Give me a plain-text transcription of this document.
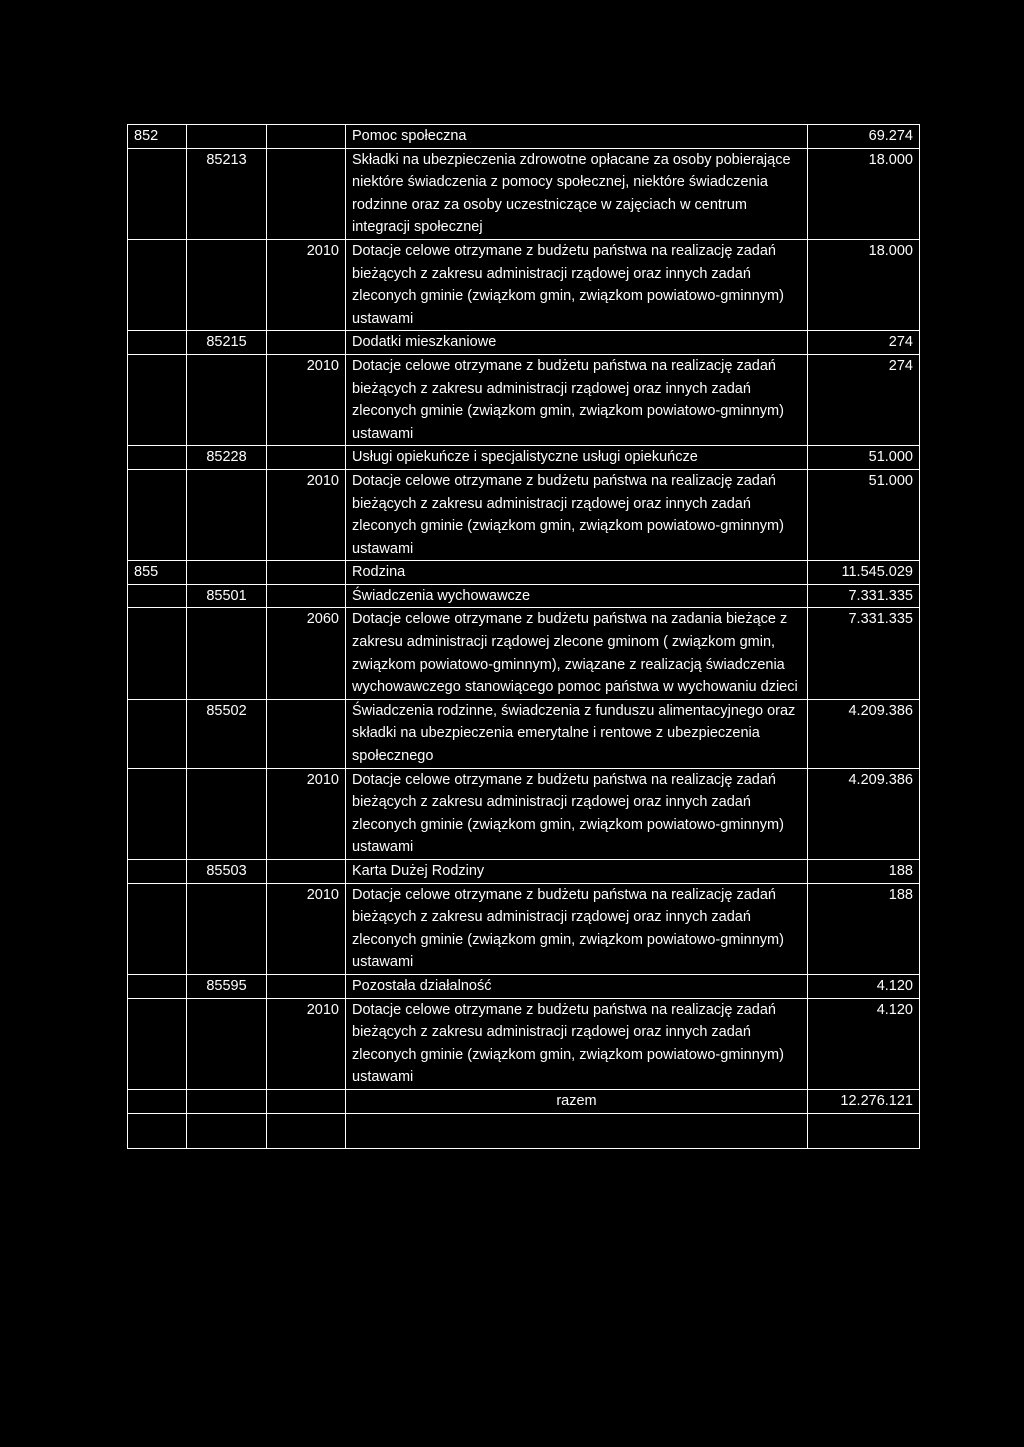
852			Pomoc społeczna	69.274
	85213		Składki na ubezpieczenia zdrowotne opłacane za osoby pobierające niektóre świadczenia z pomocy społecznej, niektóre świadczenia rodzinne oraz za osoby uczestniczące w zajęciach w centrum integracji społecznej	18.000
		2010	Dotacje celowe otrzymane z budżetu państwa na realizację zadań bieżących z zakresu administracji rządowej oraz innych zadań zleconych gminie (związkom gmin, związkom powiatowo-gminnym) ustawami	18.000
	85215		Dodatki mieszkaniowe	274
		2010	Dotacje celowe otrzymane z budżetu państwa na realizację zadań bieżących z zakresu administracji rządowej oraz innych zadań zleconych gminie (związkom gmin, związkom powiatowo-gminnym) ustawami	274
	85228		Usługi opiekuńcze i specjalistyczne usługi opiekuńcze	51.000
		2010	Dotacje celowe otrzymane z budżetu państwa na realizację zadań bieżących z zakresu administracji rządowej oraz innych zadań zleconych gminie (związkom gmin, związkom powiatowo-gminnym) ustawami	51.000
855			Rodzina	11.545.029
	85501		Świadczenia wychowawcze	7.331.335
		2060	Dotacje celowe otrzymane z budżetu państwa na zadania bieżące z zakresu administracji rządowej zlecone gminom ( związkom gmin, związkom powiatowo-gminnym), związane z realizacją świadczenia wychowawczego stanowiącego pomoc państwa w wychowaniu dzieci	7.331.335
	85502		Świadczenia rodzinne, świadczenia z funduszu alimentacyjnego oraz składki na ubezpieczenia emerytalne i rentowe z ubezpieczenia społecznego	4.209.386
		2010	Dotacje celowe otrzymane z budżetu państwa na realizację zadań bieżących z zakresu administracji rządowej oraz innych zadań zleconych gminie (związkom gmin, związkom powiatowo-gminnym) ustawami	4.209.386
	85503		Karta Dużej Rodziny	188
		2010	Dotacje celowe otrzymane z budżetu państwa na realizację zadań bieżących z zakresu administracji rządowej oraz innych zadań zleconych gminie (związkom gmin, związkom powiatowo-gminnym) ustawami	188
	85595		Pozostała działalność	4.120
		2010	Dotacje celowe otrzymane z budżetu państwa na realizację zadań bieżących z zakresu administracji rządowej oraz innych zadań zleconych gminie (związkom gmin, związkom powiatowo-gminnym) ustawami	4.120
			razem	12.276.121
